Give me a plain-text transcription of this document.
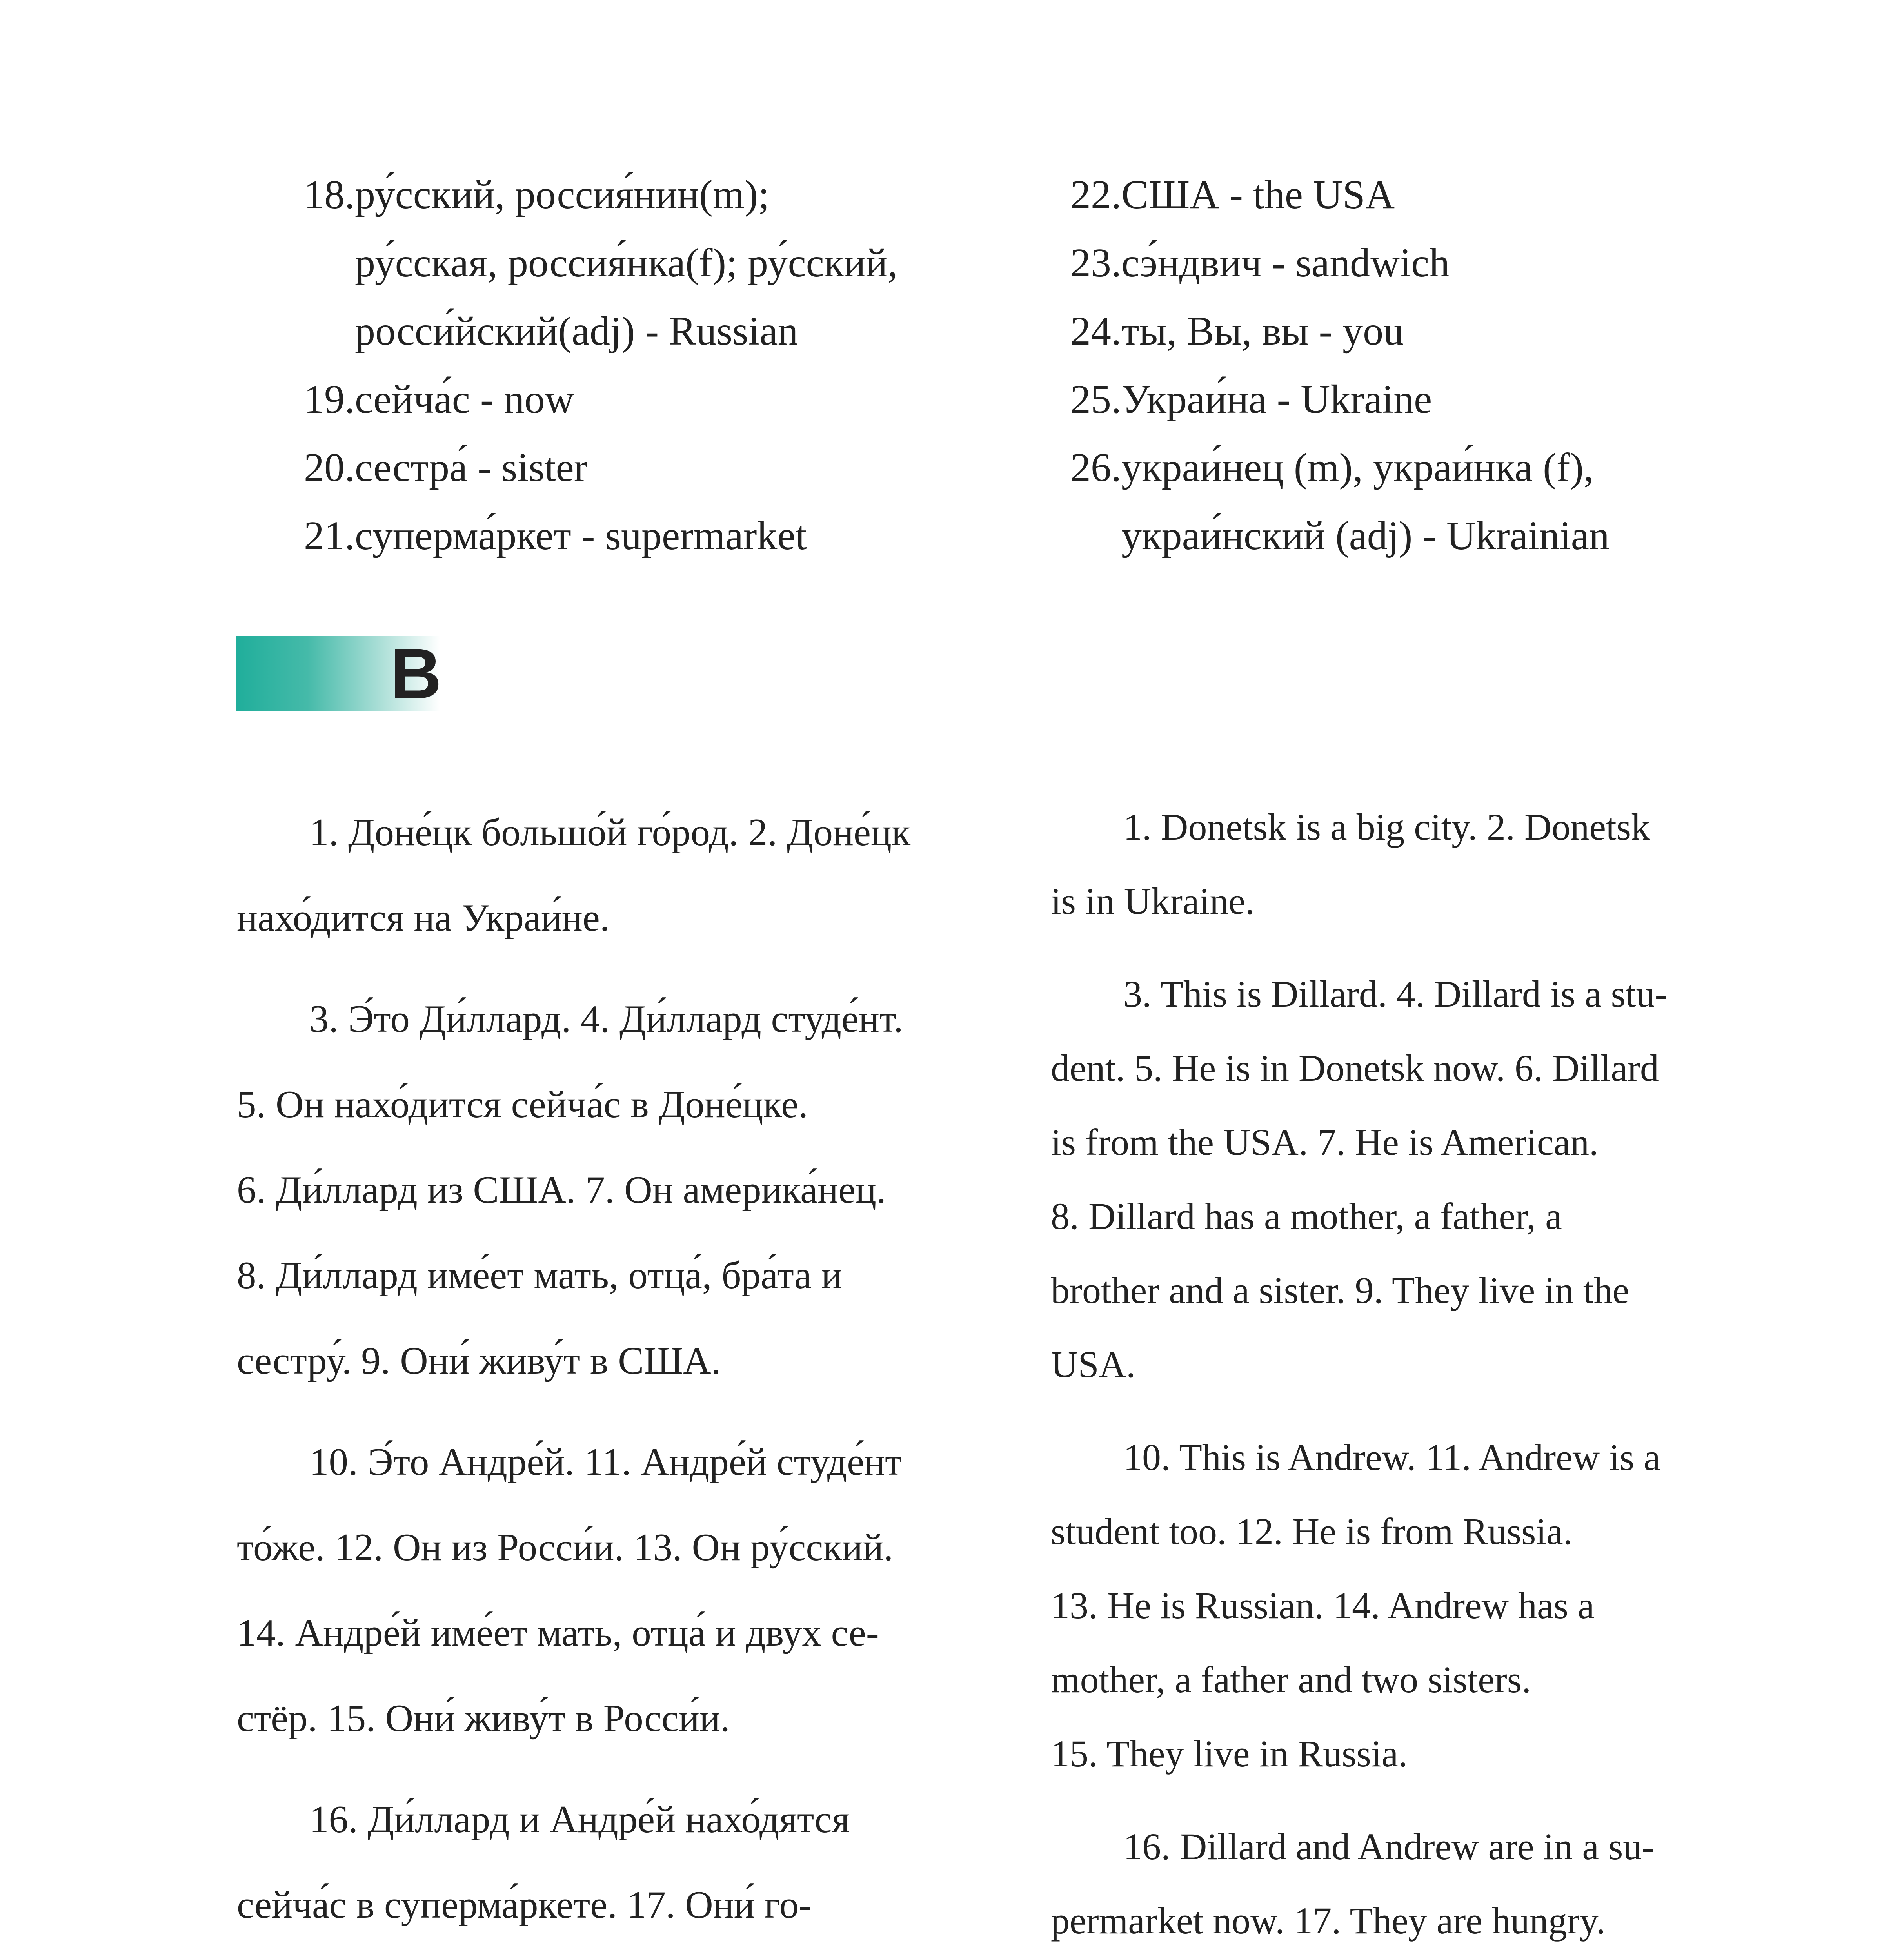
18. ру́сский, россия́нин(m);
ру́сская, россия́нка(f); ру́сский,
росси́йский(adj) - Russian
19. сейча́с - now
20. сестра́ - sister
21. суперма́ркет - supermarket
22. США - the USA
23. сэ́ндвич - sandwich
24. ты, Вы, вы - you
25. Украи́на - Ukraine
26. украи́нец (m), украи́нка (f),
украи́нский (adj) - Ukrainian
B
1. Доне́цк большо́й го́род. 2. Доне́цк
нахо́дится на Украи́не.
3. Э́то Ди́ллард. 4. Ди́ллард студе́нт.
5. Он нахо́дится сейча́с в Доне́цке.
6. Ди́ллард из США. 7. Он америка́нец.
8. Ди́ллард име́ет мать, отца́, бра́та и
сестру́. 9. Они́ живу́т в США.
10. Э́то Андре́й. 11. Андре́й студе́нт
то́же. 12. Он из Росси́и. 13. Он ру́сский.
14. Андре́й име́ет мать, отца́ и двух се-
стёр. 15. Они́ живу́т в Росси́и.
16. Ди́ллард и Андре́й нахо́дятся
сейча́с в суперма́ркете. 17. Они́ го-
1. Donetsk is a big city. 2. Donetsk
is in Ukraine.
3. This is Dillard. 4. Dillard is a stu-
dent. 5. He is in Donetsk now. 6. Dillard
is from the USA. 7. He is American.
8. Dillard has a mother, a father, a
brother and a sister. 9. They live in the
USA.
10. This is Andrew. 11. Andrew is a
student too. 12. He is from Russia.
13. He is Russian. 14. Andrew has a
mother, a father and two sisters.
15. They live in Russia.
16. Dillard and Andrew are in a su-
permarket now. 17. They are hungry.
